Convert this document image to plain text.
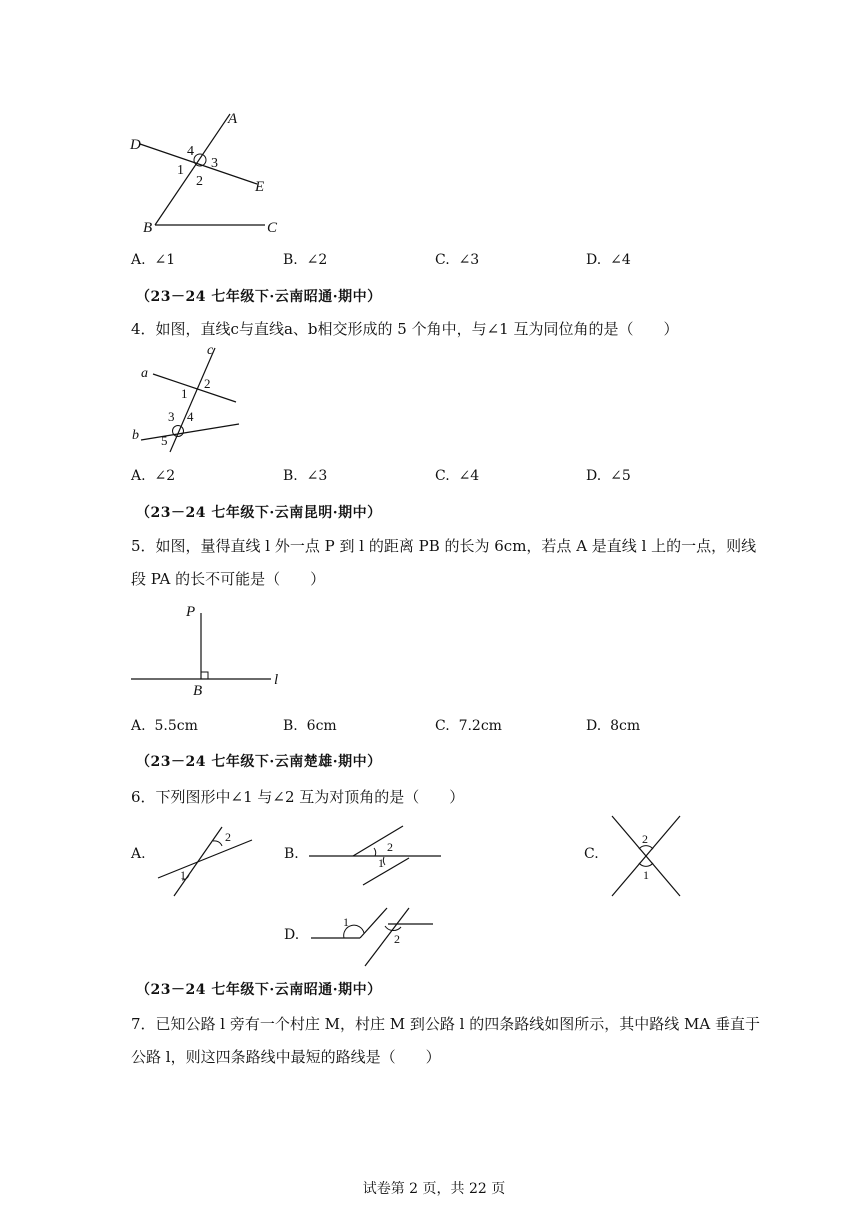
A
D
E
B	C
1
2
3
4
A. ∠1	B. ∠2	C. ∠3	D. ∠4
（23－24 七年级下·云南昭通·期中）
4．如图，直线c与直线a、b相交形成的 5 个角中，与∠1 互为同位角的是（　　）
c
a
b
1
2
3 4
5
A. ∠2	B. ∠3	C. ∠4	D. ∠5
（23－24 七年级下·云南昆明·期中）
5．如图，量得直线 l 外一点 P 到 l 的距离 PB 的长为 6cm，若点 A 是直线 l 上的一点，则线
段 PA 的长不可能是（　　）
P
B
l
A. 5.5cm	B. 6cm	C. 7.2cm	D. 8cm
（23－24 七年级下·云南楚雄·期中）
6．下列图形中∠1 与∠2 互为对顶角的是（　　）
A.
2
1
B.	2
1
C.
2
1
D.
1
2
（23－24 七年级下·云南昭通·期中）
7．已知公路 l 旁有一个村庄 M，村庄 M 到公路 l 的四条路线如图所示，其中路线 MA 垂直于
公路 l，则这四条路线中最短的路线是（　　）
试卷第 2 页，共 22 页
